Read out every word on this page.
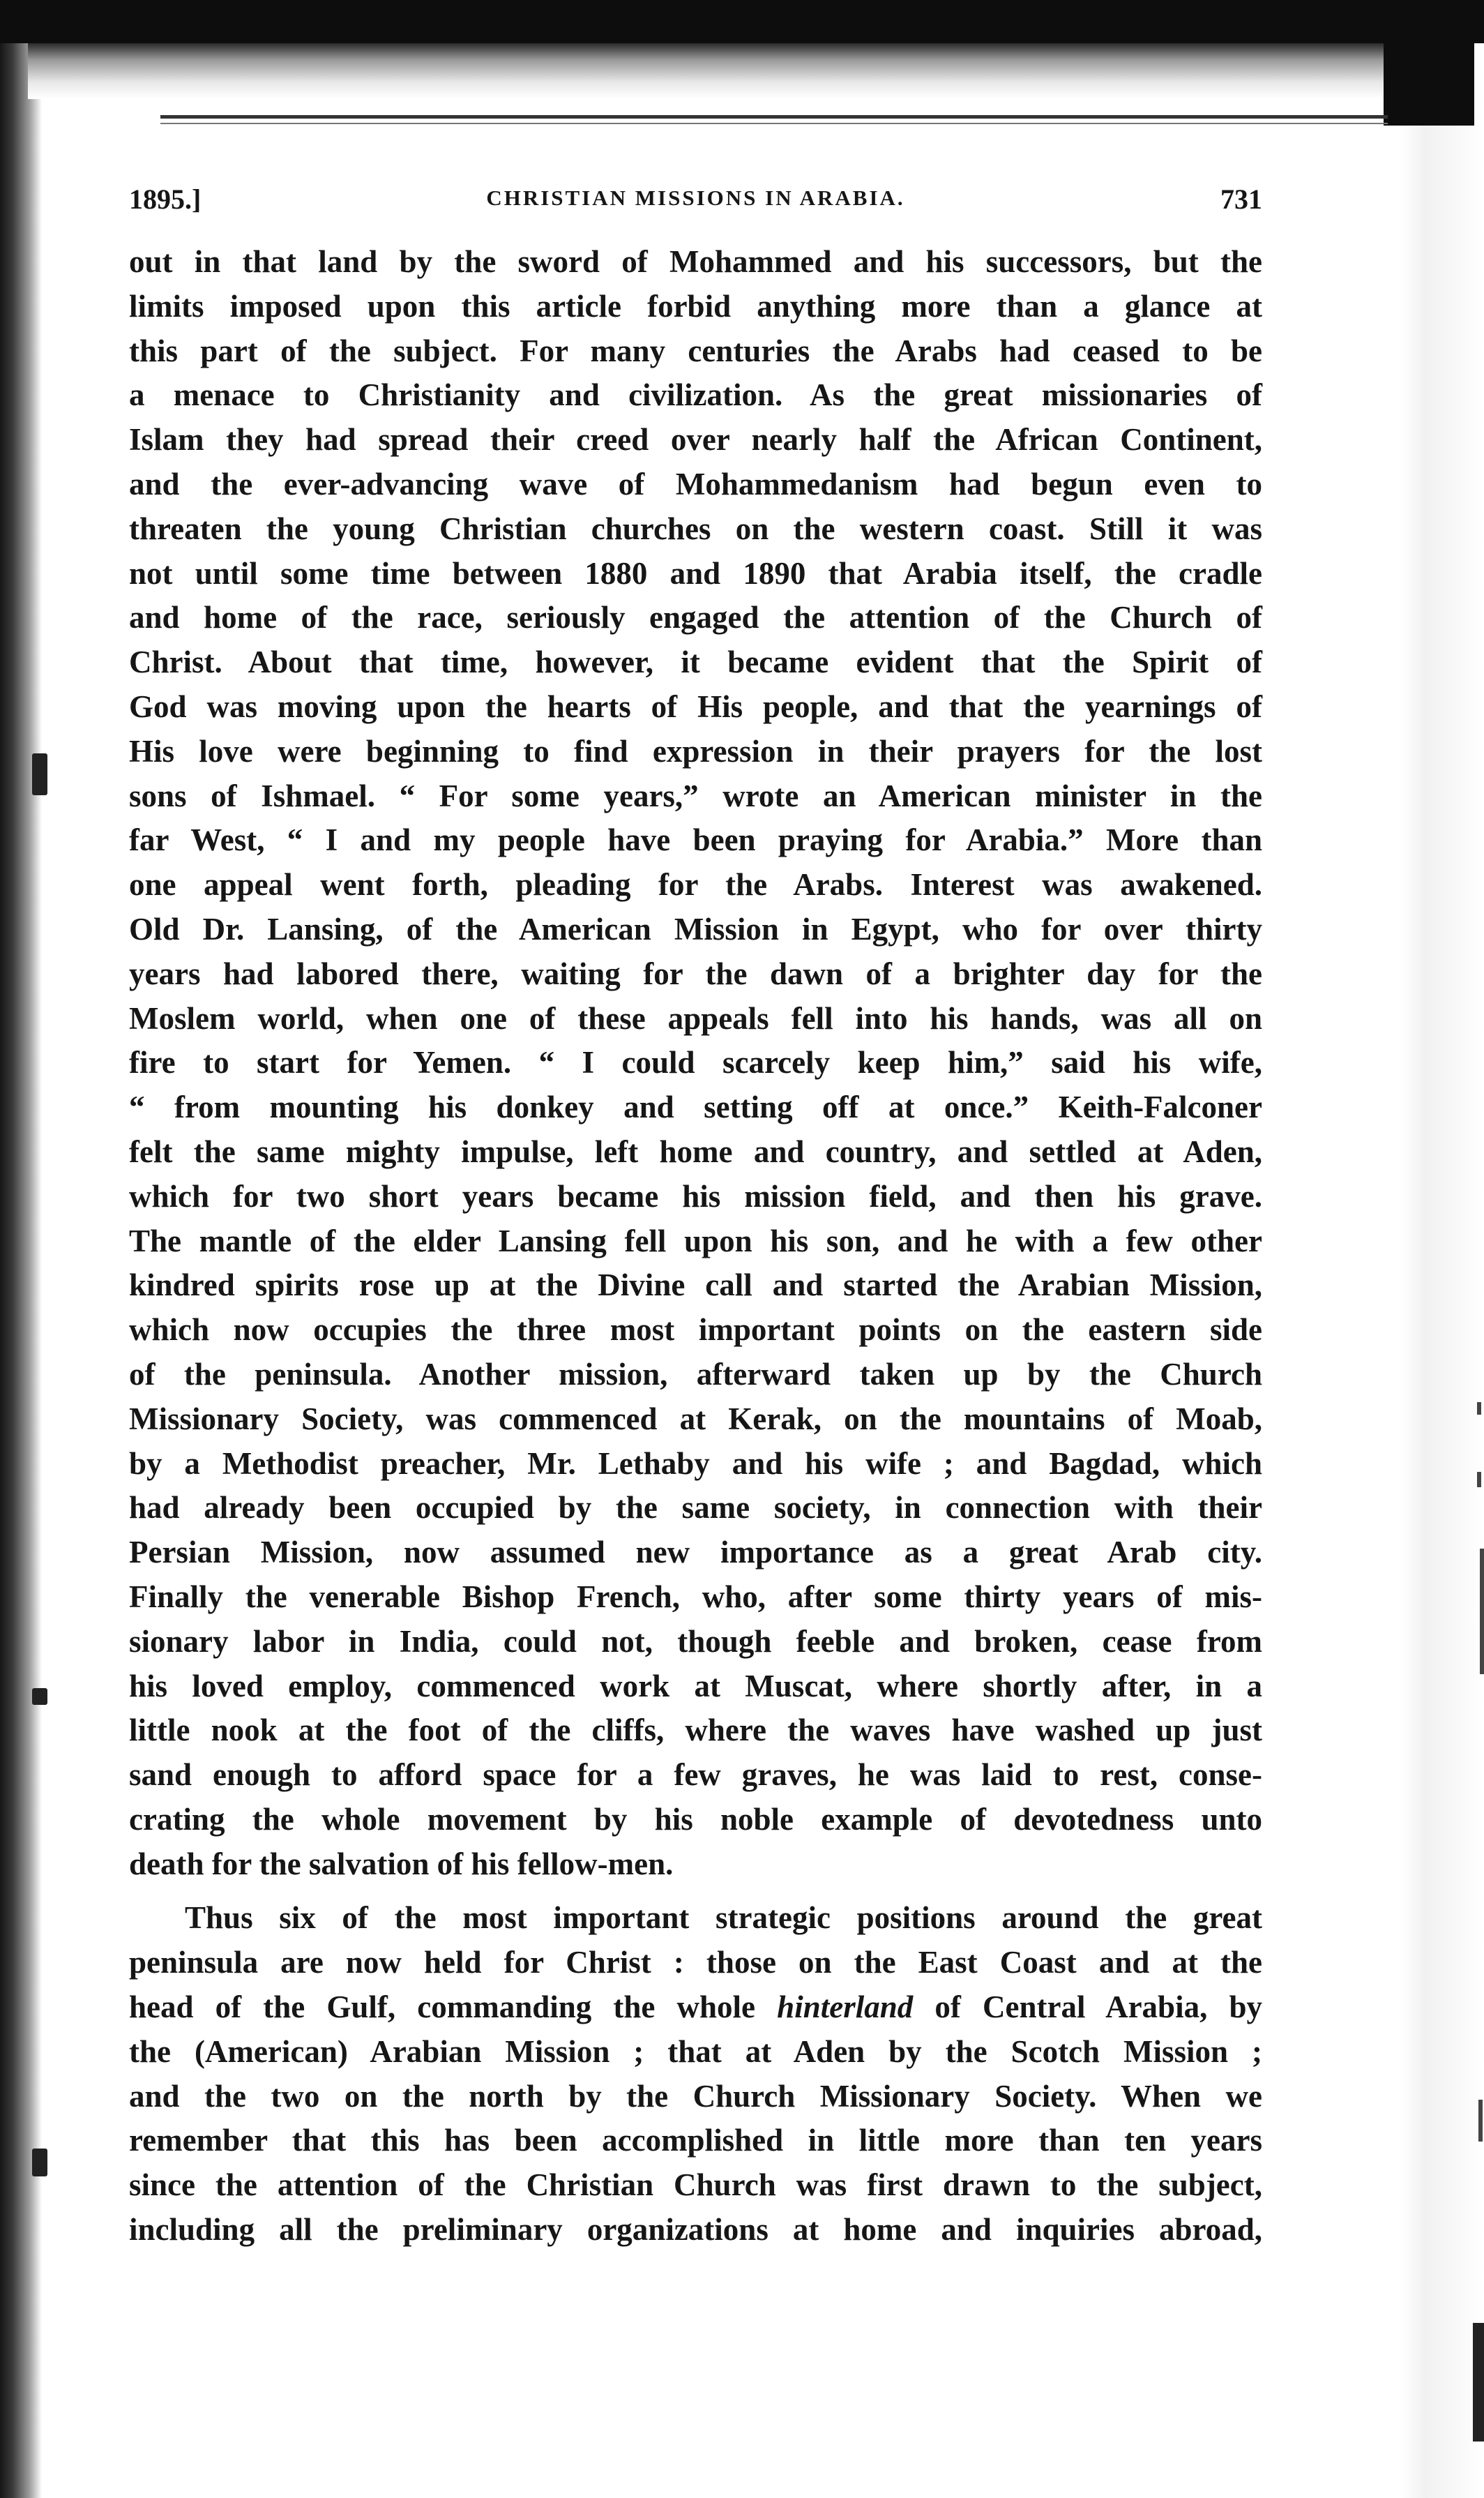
1895.]	CHRISTIAN MISSIONS IN ARABIA.	731
out in that land by the sword of Mohammed and his successors, but the
limits imposed upon this article forbid anything more than a glance at
this part of the subject. For many centuries the Arabs had ceased to be
a menace to Christianity and civilization. As the great missionaries of
Islam they had spread their creed over nearly half the African Continent,
and the ever-advancing wave of Mohammedanism had begun even to
threaten the young Christian churches on the western coast. Still it was
not until some time between 1880 and 1890 that Arabia itself, the cradle
and home of the race, seriously engaged the attention of the Church of
Christ. About that time, however, it became evident that the Spirit of
God was moving upon the hearts of His people, and that the yearnings of
His love were beginning to find expression in their prayers for the lost
sons of Ishmael. “ For some years,” wrote an American minister in the
far West, “ I and my people have been praying for Arabia.” More than
one appeal went forth, pleading for the Arabs. Interest was awakened.
Old Dr. Lansing, of the American Mission in Egypt, who for over thirty
years had labored there, waiting for the dawn of a brighter day for the
Moslem world, when one of these appeals fell into his hands, was all on
fire to start for Yemen. “ I could scarcely keep him,” said his wife,
“ from mounting his donkey and setting off at once.” Keith-Falconer
felt the same mighty impulse, left home and country, and settled at Aden,
which for two short years became his mission field, and then his grave.
The mantle of the elder Lansing fell upon his son, and he with a few other
kindred spirits rose up at the Divine call and started the Arabian Mission,
which now occupies the three most important points on the eastern side
of the peninsula. Another mission, afterward taken up by the Church
Missionary Society, was commenced at Kerak, on the mountains of Moab,
by a Methodist preacher, Mr. Lethaby and his wife ; and Bagdad, which
had already been occupied by the same society, in connection with their
Persian Mission, now assumed new importance as a great Arab city.
Finally the venerable Bishop French, who, after some thirty years of mis-
sionary labor in India, could not, though feeble and broken, cease from
his loved employ, commenced work at Muscat, where shortly after, in a
little nook at the foot of the cliffs, where the waves have washed up just
sand enough to afford space for a few graves, he was laid to rest, conse-
crating the whole movement by his noble example of devotedness unto
death for the salvation of his fellow-men.
Thus six of the most important strategic positions around the great
peninsula are now held for Christ : those on the East Coast and at the
head of the Gulf, commanding the whole hinterland of Central Arabia, by
the (American) Arabian Mission ; that at Aden by the Scotch Mission ;
and the two on the north by the Church Missionary Society. When we
remember that this has been accomplished in little more than ten years
since the attention of the Christian Church was first drawn to the subject,
including all the preliminary organizations at home and inquiries abroad,
